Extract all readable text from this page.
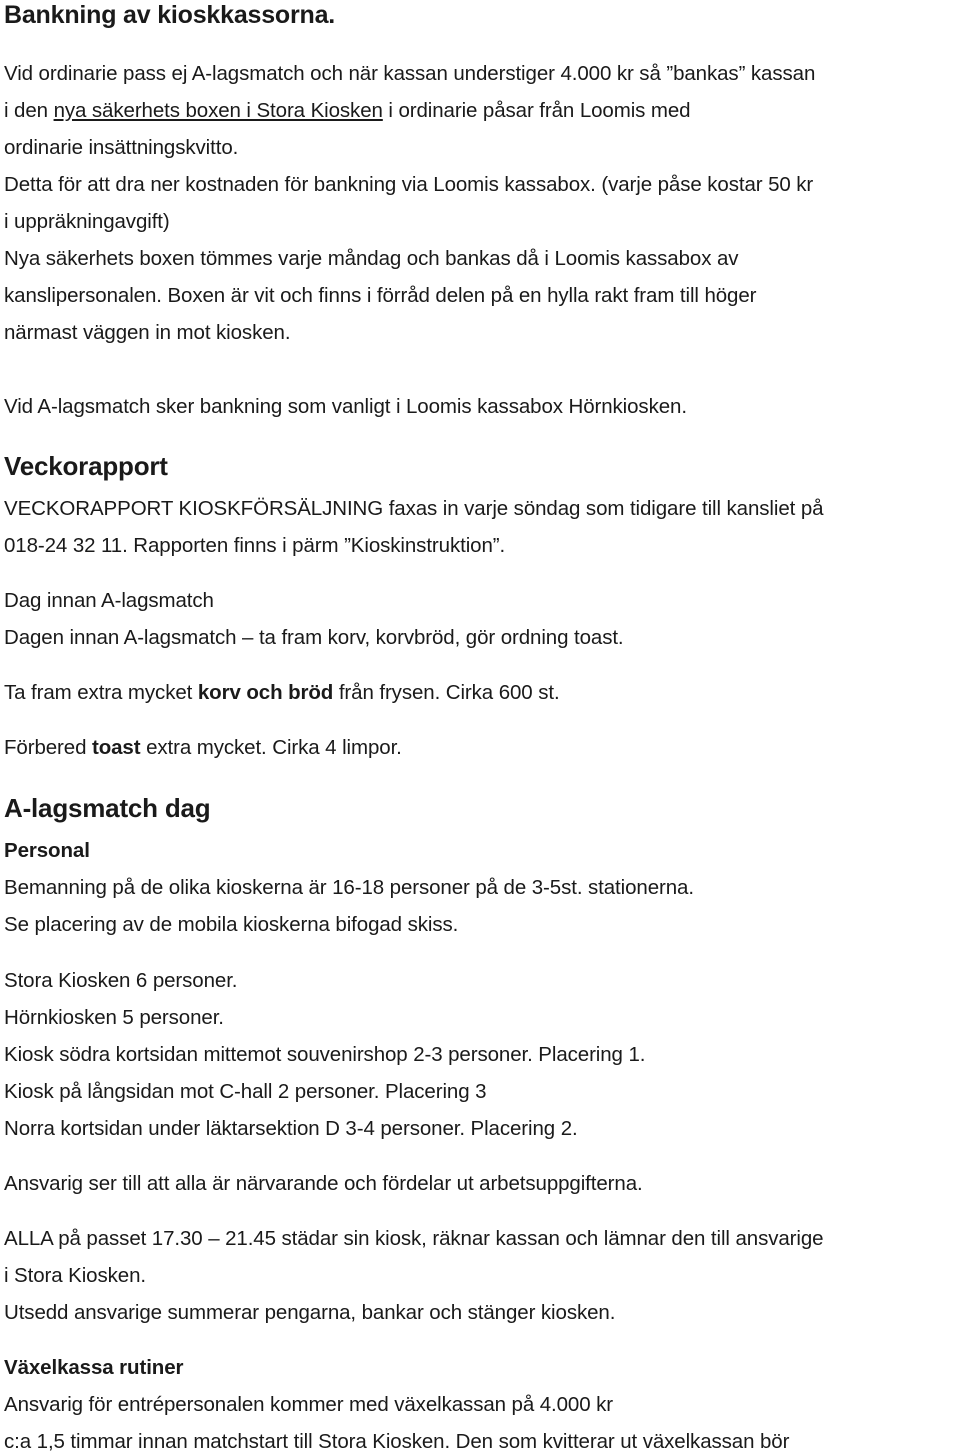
Bankning av kioskkassorna.
Vid ordinarie pass ej A-lagsmatch och när kassan understiger 4.000 kr så ”bankas” kassan
i den nya säkerhets boxen i Stora Kiosken i ordinarie påsar från Loomis med
ordinarie insättningskvitto.
Detta för att dra ner kostnaden för bankning via Loomis kassabox. (varje påse kostar 50 kr
i uppräkningavgift)
Nya säkerhets boxen tömmes varje måndag och bankas då i Loomis kassabox av
kanslipersonalen. Boxen är vit och finns i förråd delen på en hylla rakt fram till höger
närmast väggen in mot kiosken.
Vid A-lagsmatch sker bankning som vanligt i Loomis kassabox Hörnkiosken.
Veckorapport
VECKORAPPORT KIOSKFÖRSÄLJNING faxas in varje söndag som tidigare till kansliet på
018-24 32 11. Rapporten finns i pärm ”Kioskinstruktion”.
Dag innan A-lagsmatch
Dagen innan A-lagsmatch – ta fram korv, korvbröd, gör ordning toast.
Ta fram extra mycket korv och bröd från frysen. Cirka 600 st.
Förbered toast extra mycket. Cirka 4 limpor.
A-lagsmatch dag
Personal
Bemanning på de olika kioskerna är 16-18 personer på de 3-5st. stationerna.
Se placering av de mobila kioskerna bifogad skiss.
Stora Kiosken 6 personer.
Hörnkiosken 5 personer.
Kiosk södra kortsidan mittemot souvenirshop 2-3 personer. Placering 1.
Kiosk på långsidan mot C-hall 2 personer. Placering 3
Norra kortsidan under läktarsektion D 3-4 personer. Placering 2.
Ansvarig ser till att alla är närvarande och fördelar ut arbetsuppgifterna.
ALLA på passet 17.30 – 21.45 städar sin kiosk, räknar kassan och lämnar den till ansvarige
i Stora Kiosken.
Utsedd ansvarige summerar pengarna, bankar och stänger kiosken.
Växelkassa rutiner
Ansvarig för entrépersonalen kommer med växelkassan på 4.000 kr
c:a 1,5 timmar innan matchstart till Stora Kiosken. Den som kvitterar ut växelkassan bör
